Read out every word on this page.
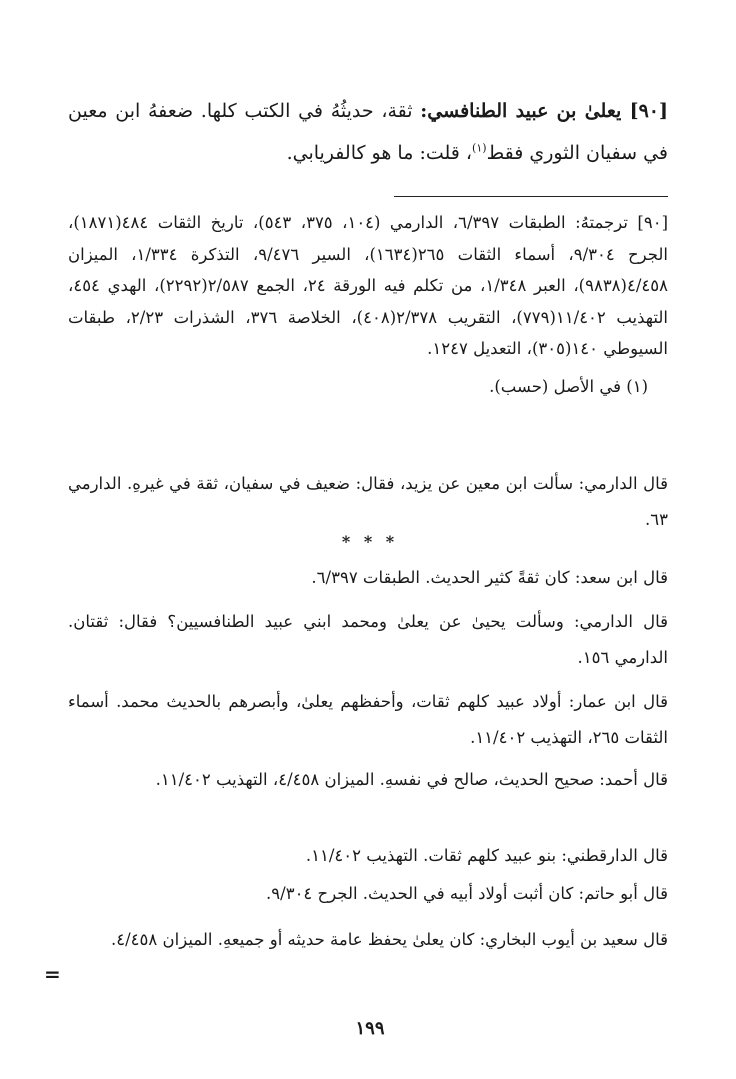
[٩٠] يعلىٰ بن عبيد الطنافسي: ثقة، حديثُهُ في الكتب كلها. ضعفهُ ابن معين في سفيان الثوري فقط$^{(١)}$، قلت: ما هو كالفريابي.

[٩٠] ترجمتهُ: الطبقات ٦/٣٩٧، الدارمي (١٠٤، ٣٧٥، ٥٤٣)، تاريخ الثقات ٤٨٤(١٨٧١)، الجرح ٩/٣٠٤، أسماء الثقات ٢٦٥(١٦٣٤)، السير ٩/٤٧٦، التذكرة ١/٣٣٤، الميزان ٤/٤٥٨(٩٨٣٨)، العبر ١/٣٤٨، من تكلم فيه الورقة ٢٤، الجمع ٢/٥٨٧(٢٢٩٢)، الهدي ٤٥٤، التهذيب ١١/٤٠٢(٧٧٩)، التقريب ٢/٣٧٨(٤٠٨)، الخلاصة ٣٧٦، الشذرات ٢/٢٣، طبقات السيوطي ١٤٠(٣٠٥)، التعديل ١٢٤٧.

(١) في الأصل (حسب).

قال الدارمي: سألت ابن معين عن يزيد، فقال: ضعيف في سفيان، ثقة في غيرهِ. الدارمي ٦٣.

* * *

قال ابن سعد: كان ثقةً كثير الحديث. الطبقات ٦/٣٩٧.

قال الدارمي: وسألت يحيىٰ عن يعلىٰ ومحمد ابني عبيد الطنافسيين؟ فقال: ثقتان. الدارمي ١٥٦.

قال ابن عمار: أولاد عبيد كلهم ثقات، وأحفظهم يعلىٰ، وأبصرهم بالحديث محمد. أسماء الثقات ٢٦٥، التهذيب ١١/٤٠٢.

قال أحمد: صحيح الحديث، صالح في نفسهِ. الميزان ٤/٤٥٨، التهذيب ١١/٤٠٢.

قال الدارقطني: بنو عبيد كلهم ثقات. التهذيب ١١/٤٠٢.

قال أبو حاتم: كان أثبت أولاد أبيه في الحديث. الجرح ٩/٣٠٤.

قال سعيد بن أيوب البخاري: كان يعلىٰ يحفظ عامة حديثه أو جميعهِ. الميزان ٤/٤٥٨.

=
١٩٩
